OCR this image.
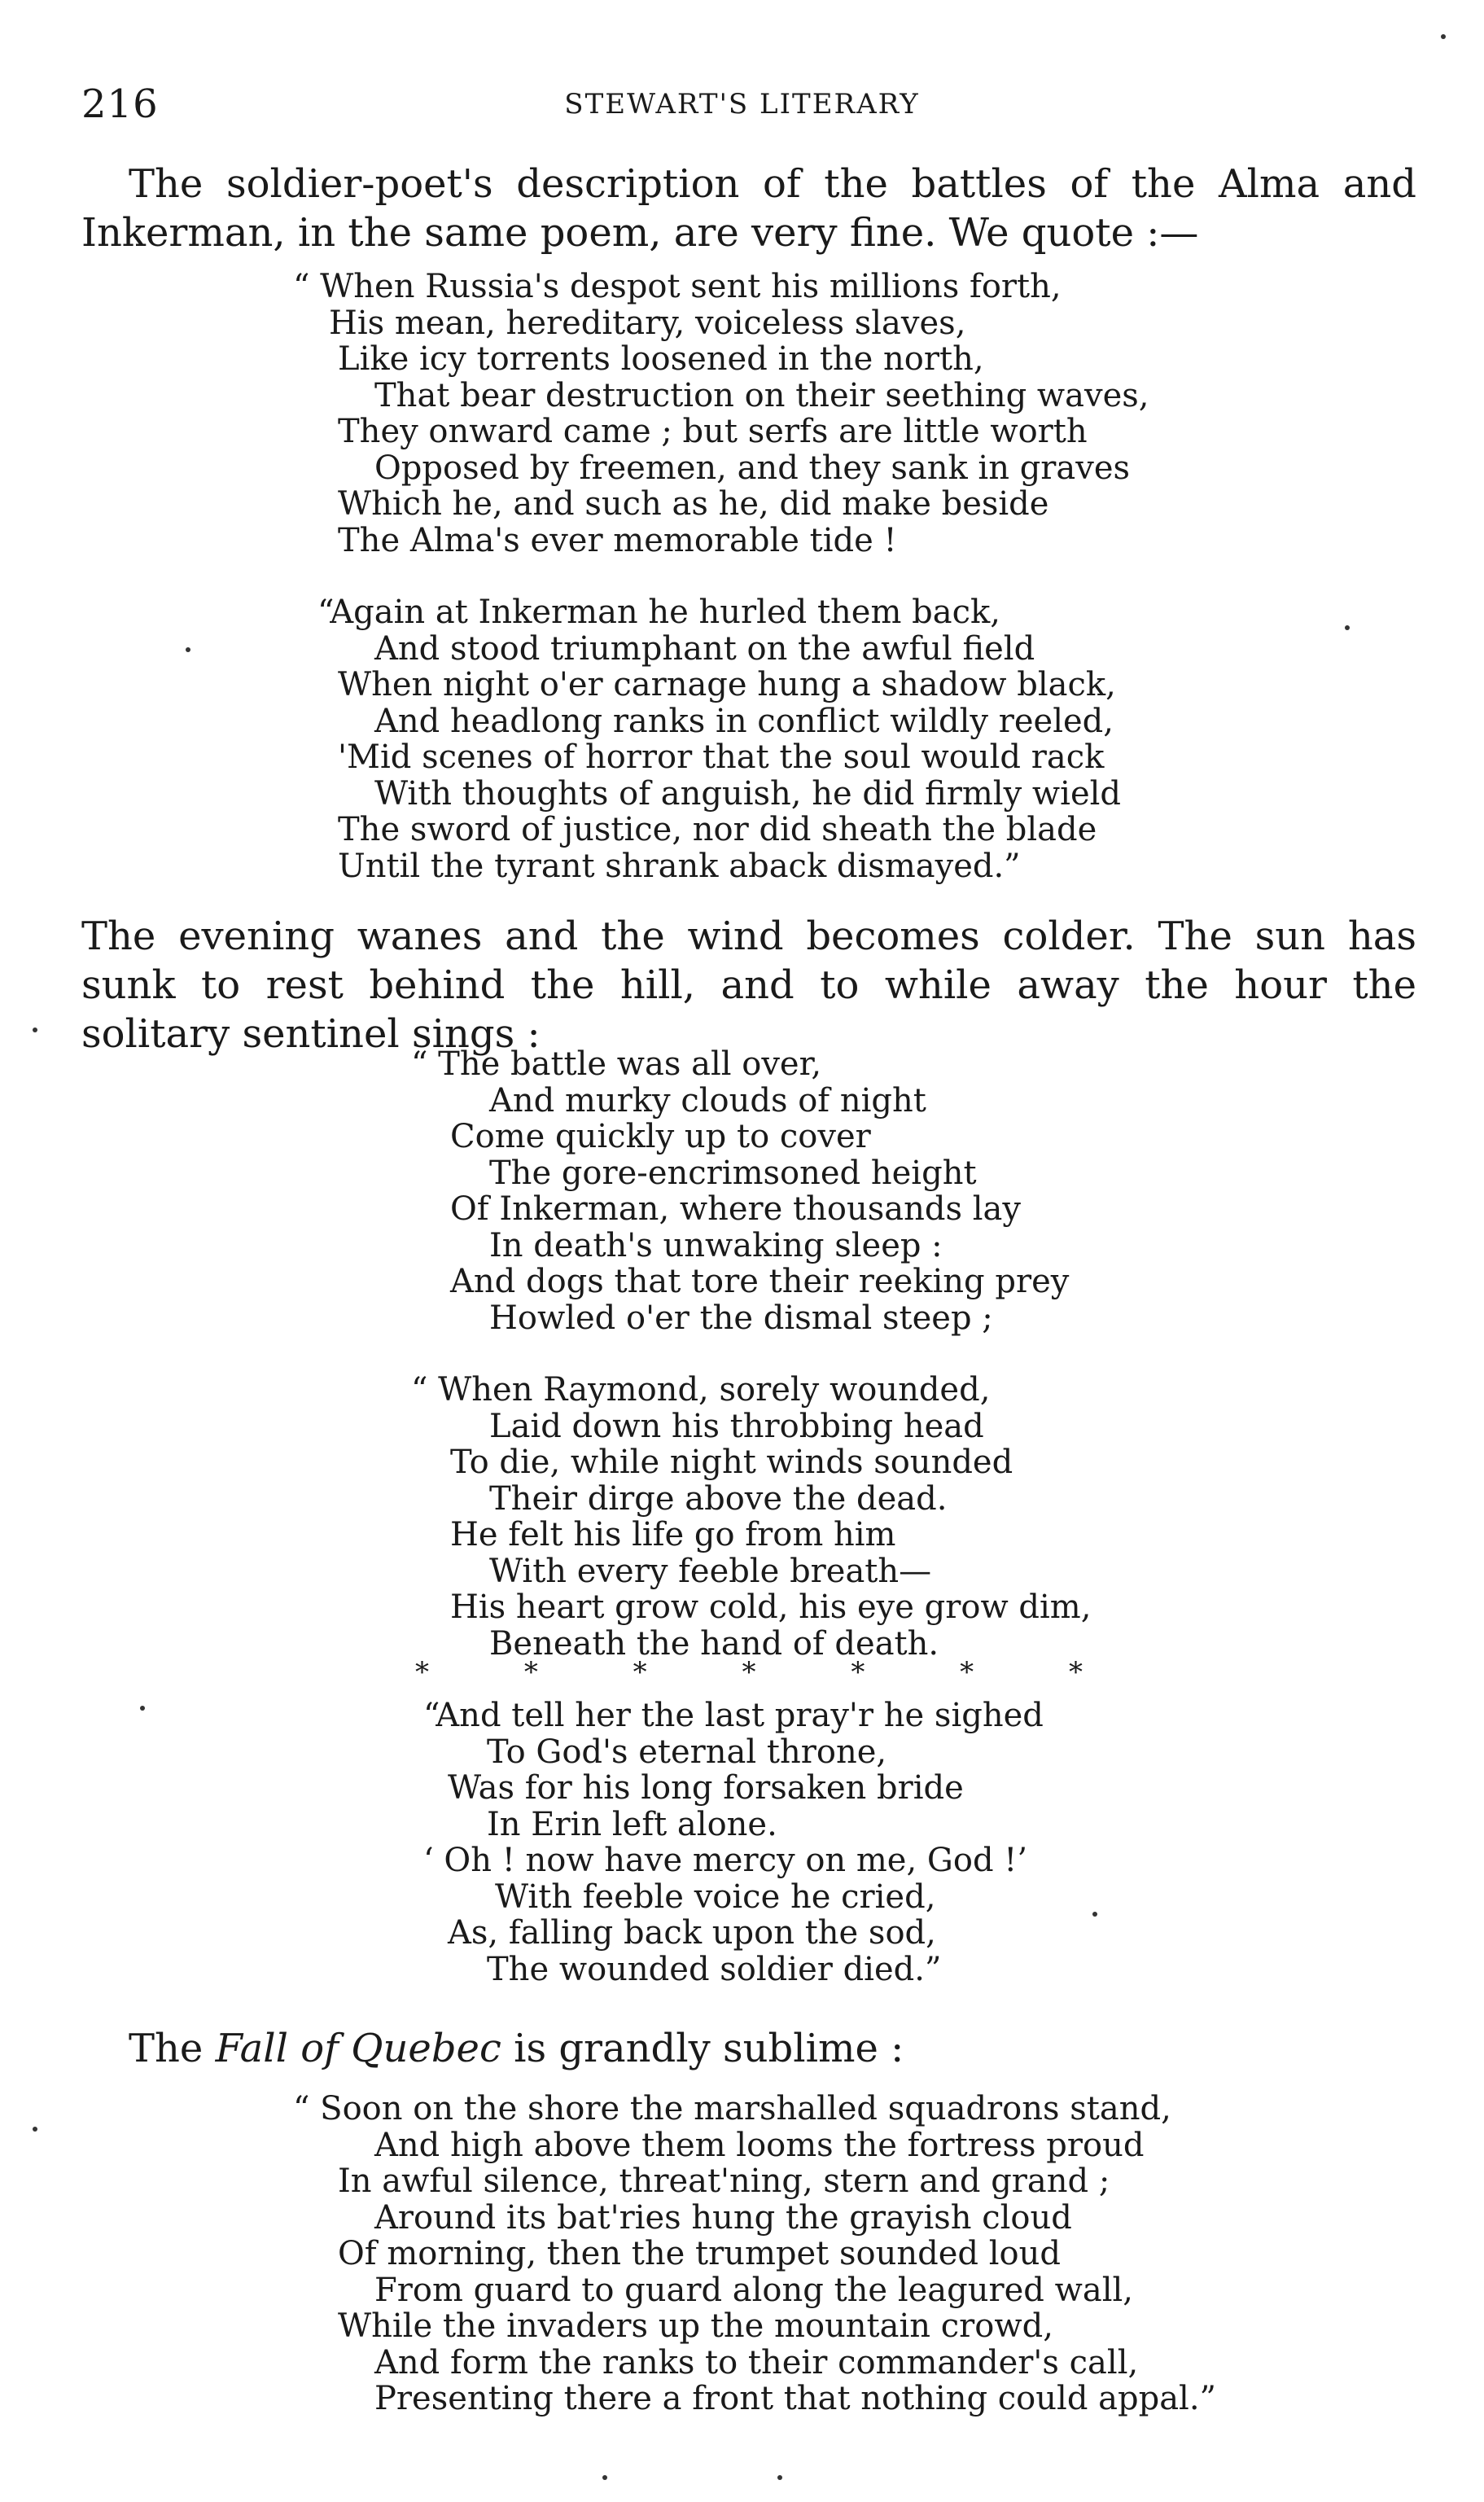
216	STEWART'S LITERARY
The soldier-poet's description of the battles of the Alma and Inkerman, in the same poem, are very fine. We quote :—
“ When Russia's despot sent his millions forth,
His mean, hereditary, voiceless slaves,
Like icy torrents loosened in the north,
That bear destruction on their seething waves,
They onward came ; but serfs are little worth
Opposed by freemen, and they sank in graves
Which he, and such as he, did make beside
The Alma's ever memorable tide !
“Again at Inkerman he hurled them back,
And stood triumphant on the awful field
When night o'er carnage hung a shadow black,
And headlong ranks in conflict wildly reeled,
'Mid scenes of horror that the soul would rack
With thoughts of anguish, he did firmly wield
The sword of justice, nor did sheath the blade
Until the tyrant shrank aback dismayed.”
The evening wanes and the wind becomes colder. The sun has sunk to rest behind the hill, and to while away the hour the solitary sentinel sings :
“ The battle was all over,
And murky clouds of night
Come quickly up to cover
The gore-encrimsoned height
Of Inkerman, where thousands lay
In death's unwaking sleep :
And dogs that tore their reeking prey
Howled o'er the dismal steep ;
“ When Raymond, sorely wounded,
Laid down his throbbing head
To die, while night winds sounded
Their dirge above the dead.
He felt his life go from him
With every feeble breath—
His heart grow cold, his eye grow dim,
Beneath the hand of death.
*	*	*	*	*	*	*
“And tell her the last pray'r he sighed
To God's eternal throne,
Was for his long forsaken bride
In Erin left alone.
‘ Oh ! now have mercy on me, God !’
With feeble voice he cried,
As, falling back upon the sod,
The wounded soldier died.”
The Fall of Quebec is grandly sublime :
“ Soon on the shore the marshalled squadrons stand,
And high above them looms the fortress proud
In awful silence, threat'ning, stern and grand ;
Around its bat'ries hung the grayish cloud
Of morning, then the trumpet sounded loud
From guard to guard along the leagured wall,
While the invaders up the mountain crowd,
And form the ranks to their commander's call,
Presenting there a front that nothing could appal.”
